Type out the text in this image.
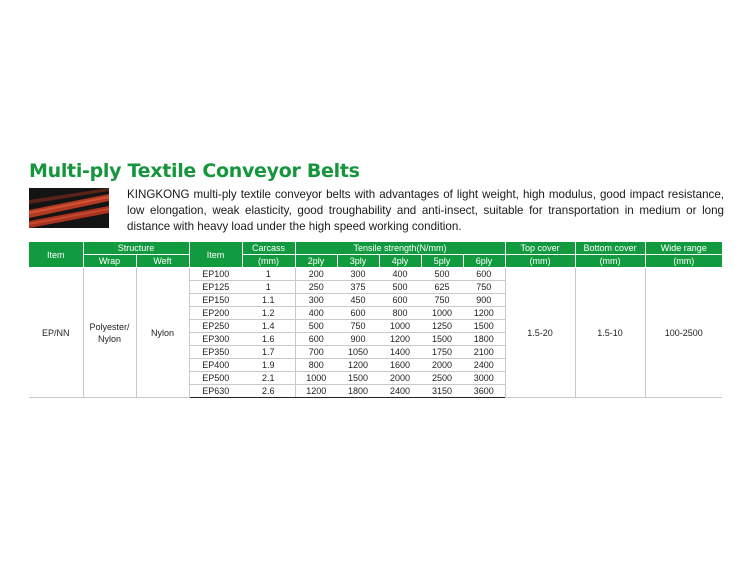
Multi-ply Textile Conveyor Belts

KINGKONG multi-ply textile conveyor belts with advantages of light weight, high modulus, good impact resistance, low elongation, weak elasticity, good troughability and anti-insect, suitable for transportation in medium or long distance with heavy load under the high speed working condition.

Item	Structure		Item	Carcass	Tensile strength(N/mm)					Top cover	Bottom cover	Wide range
	Wrap	Weft		(mm)	2ply	3ply	4ply	5ply	6ply	(mm)	(mm)	(mm)
EP/NN	Polyester/ Nylon	Nylon	EP100	1	200	300	400	500	600	1.5-20	1.5-10	100-2500
			EP125	1	250	375	500	625	750			
			EP150	1.1	300	450	600	750	900			
			EP200	1.2	400	600	800	1000	1200			
			EP250	1.4	500	750	1000	1250	1500			
			EP300	1.6	600	900	1200	1500	1800			
			EP350	1.7	700	1050	1400	1750	2100			
			EP400	1.9	800	1200	1600	2000	2400			
			EP500	2.1	1000	1500	2000	2500	3000			
			EP630	2.6	1200	1800	2400	3150	3600			
